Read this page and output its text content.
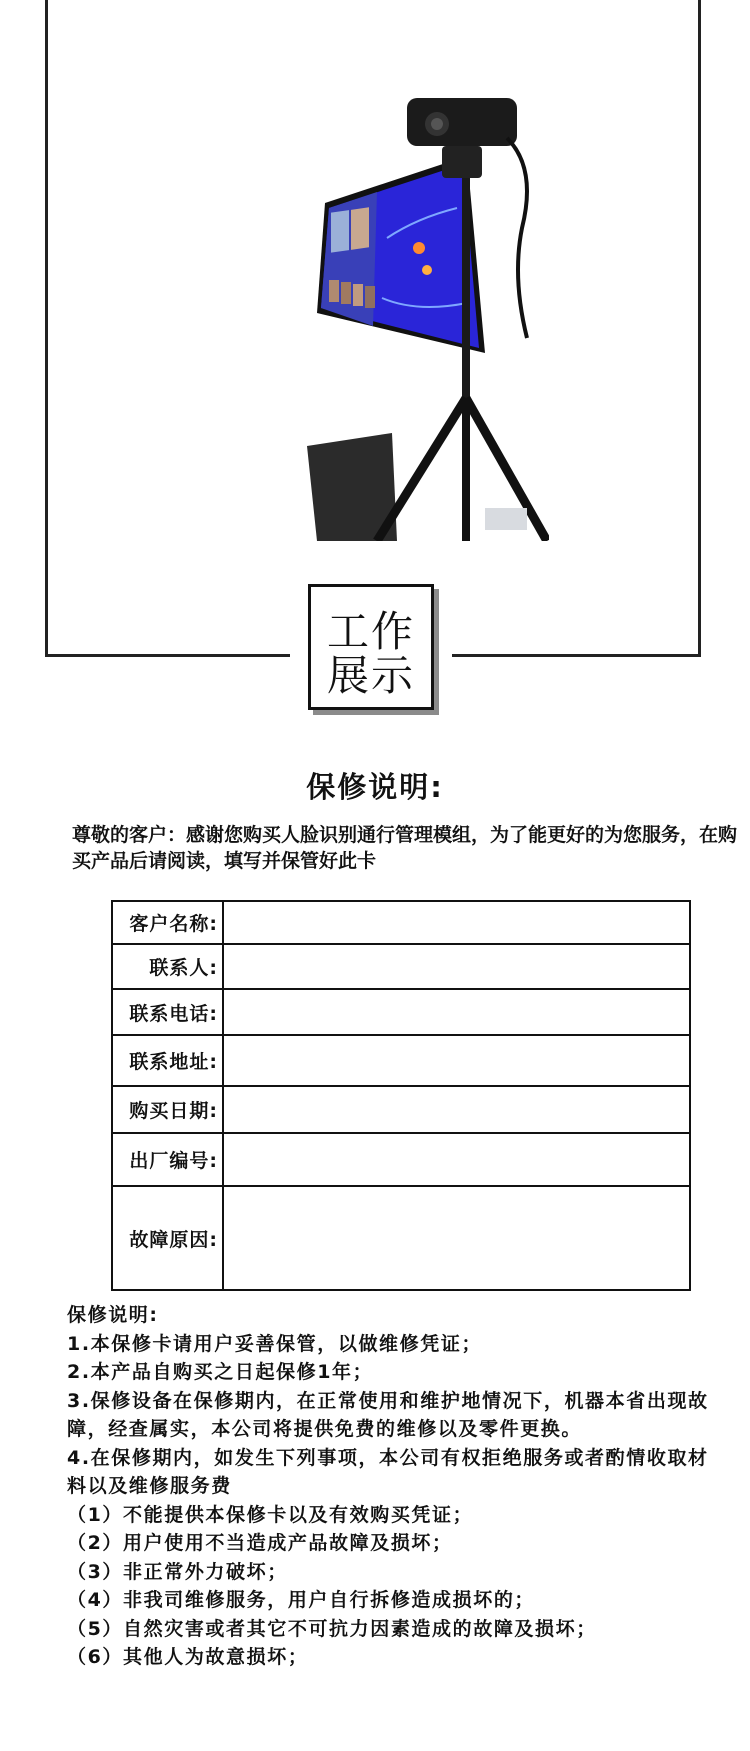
工作
展示
保修说明:
尊敬的客户：感谢您购买人脸识别通行管理模组，为了能更好的为您服务，在购买产品后请阅读，填写并保管好此卡
客户名称:
联系人:
联系电话:
联系地址:
购买日期:
出厂编号:
故障原因:

保修说明:

1.本保修卡请用户妥善保管，以做维修凭证；

2.本产品自购买之日起保修1年；

3.保修设备在保修期内，在正常使用和维护地情况下，机器本省出现故障，经查属实，本公司将提供免费的维修以及零件更换。

4.在保修期内，如发生下列事项，本公司有权拒绝服务或者酌情收取材料以及维修服务费

（1）不能提供本保修卡以及有效购买凭证；

（2）用户使用不当造成产品故障及损坏；

（3）非正常外力破坏；

（4）非我司维修服务，用户自行拆修造成损坏的；

（5）自然灾害或者其它不可抗力因素造成的故障及损坏；

（6）其他人为故意损坏；
